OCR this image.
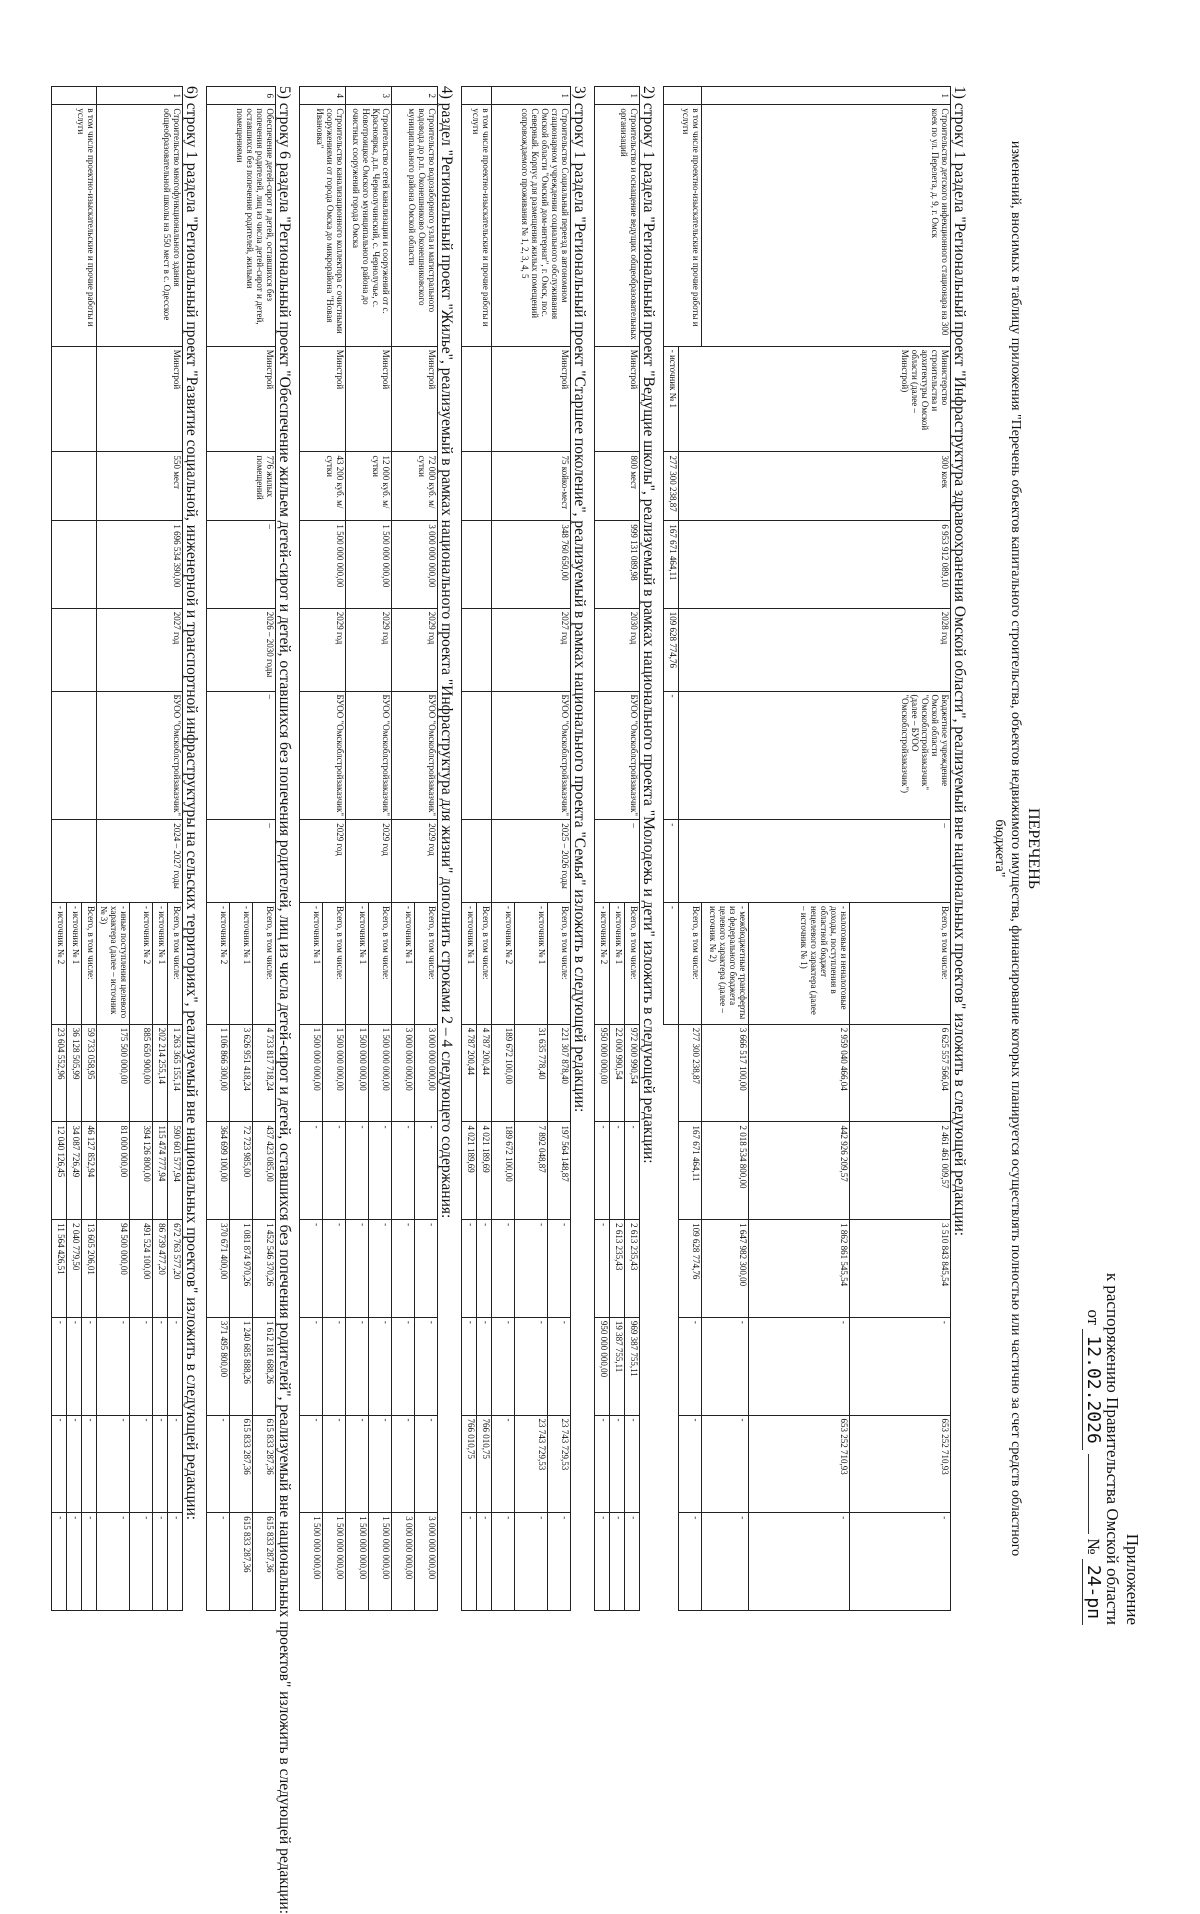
Приложение
к распоряжению Правительства Омской области
от 12.02.2026  № 24-рп
ПЕРЕЧЕНЬ
изменений, вносимых в таблицу приложения "Перечень объектов капитального строительства, объектов недвижимого имущества, финансирование которых планируется осуществлять полностью или частично за счет средств областного бюджета"

1) строку 1 раздела "Региональный проект "Инфраструктура здравоохранения Омской области", реализуемый вне национальных проектов" изложить в следующей редакции:

1	Строительство детского инфекционного стационара на 300 коек по ул. Перелета, д. 9, г. Омск	Министерство строительства и архитектуры Омской области (далее – Минстрой)	300 коек	6 953 912 089,10	2028 год	Бюджетное учреждение Омской области "Омскоблстройзаказчик" (далее – БУОО "Омскоблстройзаказчик")	–	Всего, в том числе:	6 625 557 566,04	2 461 461 009,57	3 510 843 845,54	-	653 252 710,93	-
								- налоговые и неналоговые доходы, поступления в областной бюджет нецелевого характера (далее – источник № 1)	2 959 040 466,04	442 926 209,57	1 862 861 545,54	-	653 252 710,93	-
								- межбюджетные трансферты из федерального бюджета целевого характера (далее – источник № 2)	3 666 517 100,00	2 018 534 800,00	1 647 982 300,00	-	-	-
	в том числе проектно-изыскательские и прочие работы и услуги							Всего, в том числе:	277 300 238,87	167 671 464,11	109 628 774,76	-	-	-
		- источник № 1	277 300 238,87	167 671 464,11	109 628 774,76	-	-	-						

2) строку 1 раздела "Региональный проект "Ведущие школы", реализуемый в рамках национального проекта "Молодежь и дети" изложить в следующей редакции:

1	Строительство и оснащение ведущих общеобразовательных организаций	Минстрой	800 мест	999 131 089,98	2030 год	БУОО "Омскоблстройзаказчик"	–	Всего, в том числе:	972 000 990,54	-	2 613 235,43	969 387 755,11	-	-
								- источник № 1	22 000 990,54	-	2 613 235,43	19 387 755,11	-	-
								- источник № 2	950 000 000,00	-	-	950 000 000,00	-	-

3) строку 1 раздела "Региональный проект "Старшее поколение", реализуемый в рамках национального проекта "Семья" изложить в следующей редакции:

1	Строительство Социальный переезд в автономном стационарном учреждении социального обслуживания Омской области "Омский дом-интернат", г. Омск, пос. Северный. Корпус для размещения жилых помещений сопровождаемого проживания № 1, 2, 3, 4, 5	Минстрой	75 койко-мест	348 760 650,00	2027 год	БУОО "Омскоблстройзаказчик"	2025 – 2026 годы	Всего, в том числе:	221 307 878,40	197 564 148,87	-	-	23 743 729,53	-
								- источник № 1	31 635 778,40	7 892 048,87	-	-	23 743 729,53	-
								- источник № 2	189 672 100,00	189 672 100,00	-	-	-	-
	в том числе проектно-изыскательские и прочие работы и услуги							Всего, в том числе:	4 787 200,44	4 021 189,69	-	-	766 010,75	-
								- источник № 1	4 787 200,44	4 021 189,69	-	-	766 010,75	-

4) раздел "Региональный проект "Жилье", реализуемый в рамках национального проекта "Инфраструктура для жизни" дополнить строками 2 – 4 следующего содержания:

2	Строительство водозаборного узла и магистрального водовода до р.п. Оконешниково Оконешниковского муниципального района Омской области	Минстрой	72 000 куб. м/сутки	3 000 000 000,00	2029 год	БУОО "Омскоблстройзаказчик"	2029 год	Всего, в том числе:	3 000 000 000,00	-	-	-	-	3 000 000 000,00
								- источник № 1	3 000 000 000,00	-	-	-	-	3 000 000 000,00
3	Строительство сетей канализации и сооружений от с. Красноярка, д.п. Чернолучинский, с. Чернолучье, с. Новотроицкое Омского муниципального района до очистных сооружений города Омска	Минстрой	12 000 куб. м/сутки	1 500 000 000,00	2029 год	БУОО "Омскоблстройзаказчик"	2029 год	Всего, в том числе:	1 500 000 000,00	-	-	-	-	1 500 000 000,00
								- источник № 1	1 500 000 000,00	-	-	-	-	1 500 000 000,00
4	Строительство канализационного коллектора с очистными сооружениями от города Омска до микрорайона "Новая Ивановка"	Минстрой	43 200 куб. м/сутки	1 500 000 000,00	2029 год	БУОО "Омскоблстройзаказчик"	2029 год	Всего, в том числе:	1 500 000 000,00	-	-	-	-	1 500 000 000,00
								- источник № 1	1 500 000 000,00	-	-	-	-	1 500 000 000,00

5) строку 6 раздела "Региональный проект "Обеспечение жильем детей-сирот и детей, оставшихся без попечения родителей, лиц из числа детей-сирот и детей, оставшихся без попечения родителей", реализуемый вне национальных проектов" изложить в следующей редакции:

6	Обеспечение детей-сирот и детей, оставшихся без попечения родителей, лиц из числа детей-сирот и детей, оставшихся без попечения родителей, жилыми помещениями	Минстрой	776 жилых помещений	–	2026 – 2030 годы	–	–	Всего, в том числе:	4 733 817 718,24	437 423 085,00	1 452 546 370,26	1 612 181 688,26	615 833 287,36	615 833 287,36
								- источник № 1	3 626 951 418,24	72 723 985,00	1 081 874 970,26	1 240 685 888,26	615 833 287,36	615 833 287,36
								- источник № 2	1 106 866 300,00	364 699 100,00	370 671 400,00	371 495 800,00	-	-

6) строку 1 раздела "Региональный проект "Развитие социальной, инженерной и транспортной инфраструктуры на сельских территориях", реализуемый вне национальных проектов" изложить в следующей редакции:

1	Строительство многофункционального здания общеобразовательной школы на 550 мест в с. Одесское	Минстрой	550 мест	1 696 534 390,00	2027 год	БУОО "Омскоблстройзаказчик"	2024 – 2027 годы	Всего, в том числе:	1 263 365 155,14	590 601 577,94	672 763 577,20	-	-	-
								- источник № 1	202 214 255,14	115 474 777,94	86 739 477,20	-	-	-
								- источник № 2	885 650 900,00	394 126 800,00	491 524 100,00	-	-	-
								- иные поступления целевого характера (далее – источник № 3)	175 500 000,00	81 000 000,00	94 500 000,00	-	-	-
	в том числе проектно-изыскательские и прочие работы и услуги							Всего, в том числе:	59 733 058,95	46 127 852,94	13 605 206,01	-	-	-
								- источник № 1	36 128 505,99	34 087 726,49	2 040 779,50	-	-	-
								- источник № 2	23 604 552,96	12 040 126,45	11 564 426,51	-	-	-
